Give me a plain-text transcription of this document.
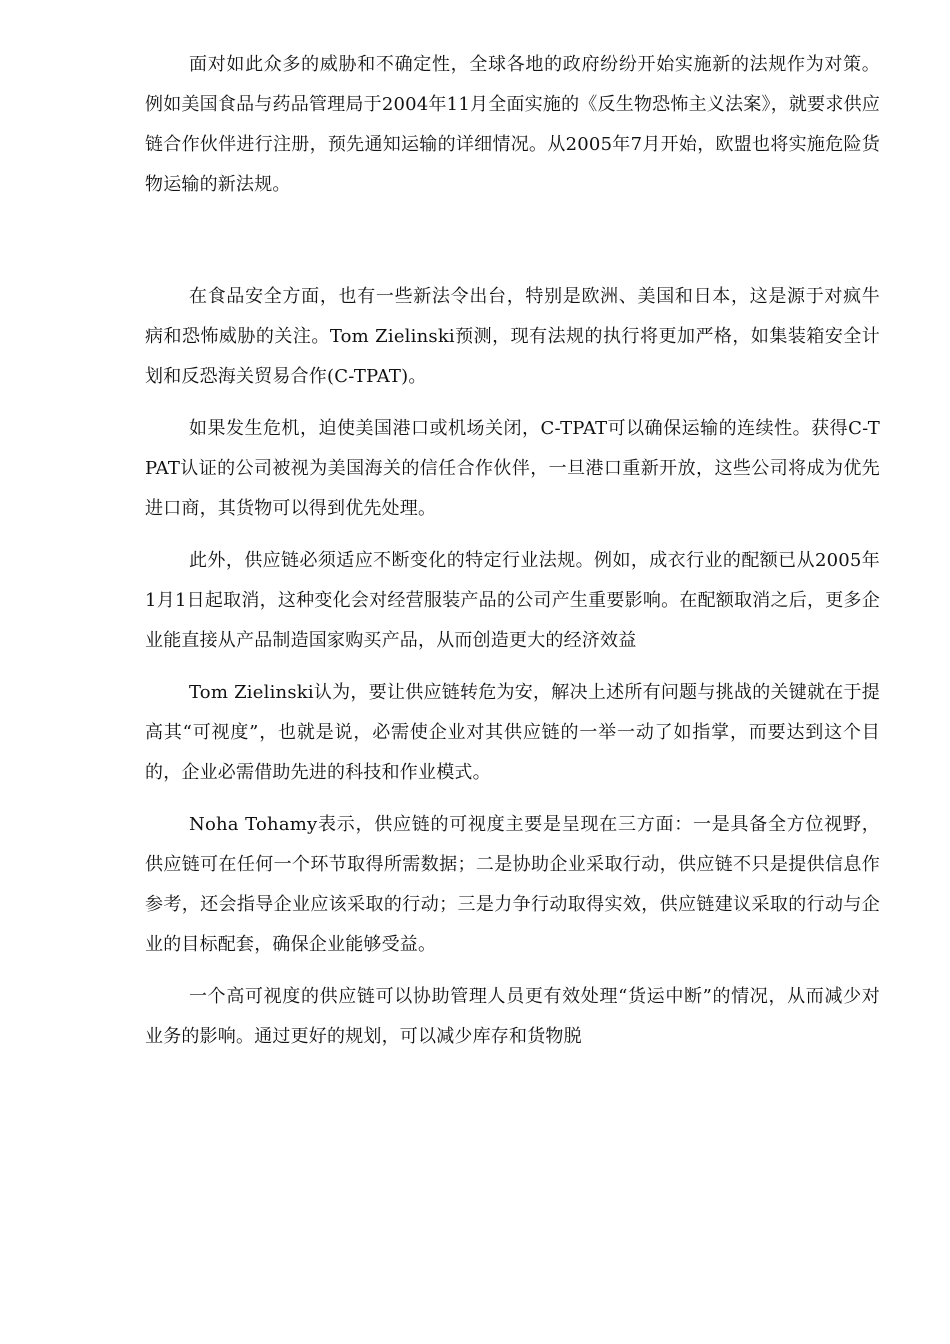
面对如此众多的威胁和不确定性，全球各地的政府纷纷开始实施新的法规作为对策。例如美国食品与药品管理局于2004年11月全面实施的《反生物恐怖主义法案》，就要求供应链合作伙伴进行注册，预先通知运输的详细情况。从2005年7月开始，欧盟也将实施危险货物运输的新法规。

在食品安全方面，也有一些新法令出台，特别是欧洲、美国和日本，这是源于对疯牛病和恐怖威胁的关注。Tom Zielinski预测，现有法规的执行将更加严格，如集装箱安全计划和反恐海关贸易合作(C-TPAT)。

如果发生危机，迫使美国港口或机场关闭，C-TPAT可以确保运输的连续性。获得C-TPAT认证的公司被视为美国海关的信任合作伙伴，一旦港口重新开放，这些公司将成为优先进口商，其货物可以得到优先处理。

此外，供应链必须适应不断变化的特定行业法规。例如，成衣行业的配额已从2005年1月1日起取消，这种变化会对经营服装产品的公司产生重要影响。在配额取消之后，更多企业能直接从产品制造国家购买产品，从而创造更大的经济效益

Tom Zielinski认为，要让供应链转危为安，解决上述所有问题与挑战的关键就在于提高其“可视度”，也就是说，必需使企业对其供应链的一举一动了如指掌，而要达到这个目的，企业必需借助先进的科技和作业模式。

Noha Tohamy表示，供应链的可视度主要是呈现在三方面：一是具备全方位视野，供应链可在任何一个环节取得所需数据；二是协助企业采取行动，供应链不只是提供信息作参考，还会指导企业应该采取的行动；三是力争行动取得实效，供应链建议采取的行动与企业的目标配套，确保企业能够受益。

一个高可视度的供应链可以协助管理人员更有效处理“货运中断”的情况，从而减少对业务的影响。通过更好的规划，可以减少库存和货物脱
